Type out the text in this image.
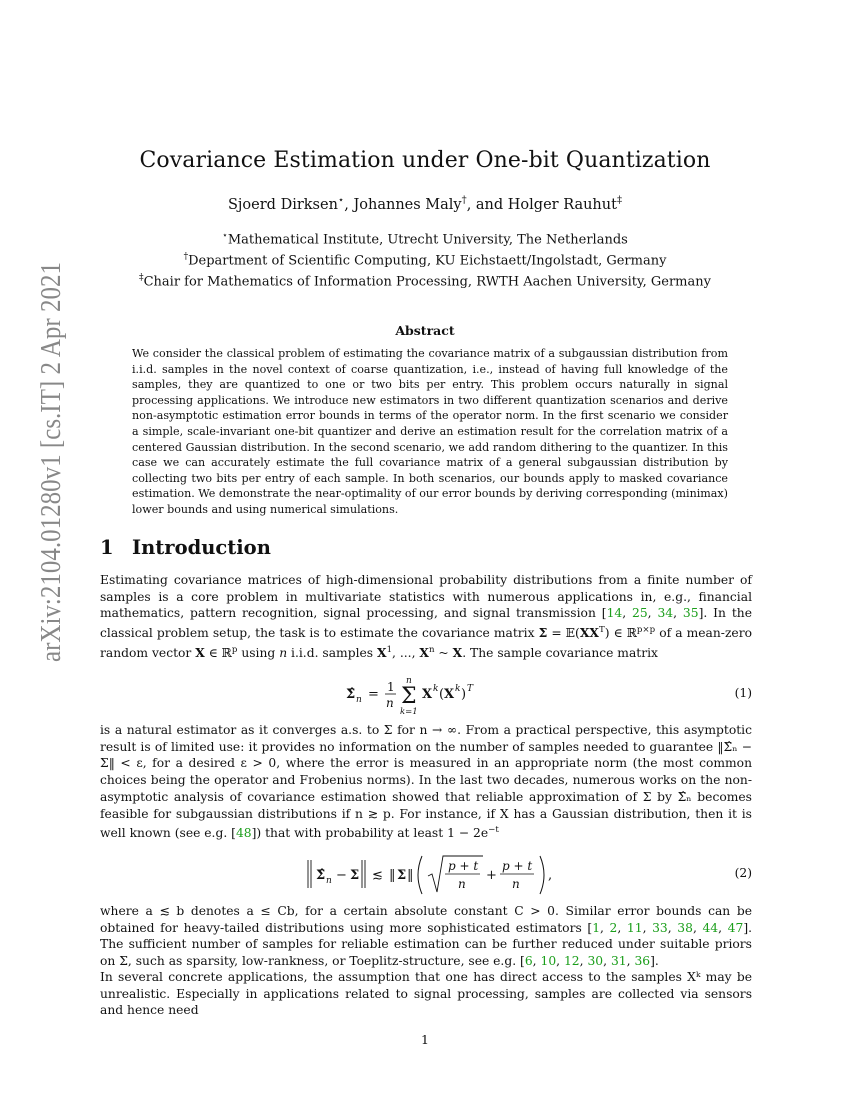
arXiv:2104.01280v1 [cs.IT] 2 Apr 2021
Covariance Estimation under One-bit Quantization
Sjoerd Dirksen⋆, Johannes Maly†, and Holger Rauhut‡
⋆Mathematical Institute, Utrecht University, The Netherlands
†Department of Scientific Computing, KU Eichstaett/Ingolstadt, Germany
‡Chair for Mathematics of Information Processing, RWTH Aachen University, Germany
Abstract
We consider the classical problem of estimating the covariance matrix of a subgaussian distribution from i.i.d. samples in the novel context of coarse quantization, i.e., instead of having full knowledge of the samples, they are quantized to one or two bits per entry. This problem occurs naturally in signal processing applications. We introduce new estimators in two different quantization scenarios and derive non-asymptotic estimation error bounds in terms of the operator norm. In the first scenario we consider a simple, scale-invariant one-bit quantizer and derive an estimation result for the correlation matrix of a centered Gaussian distribution. In the second scenario, we add random dithering to the quantizer. In this case we can accurately estimate the full covariance matrix of a general subgaussian distribution by collecting two bits per entry of each sample. In both scenarios, our bounds apply to masked covariance estimation. We demonstrate the near-optimality of our error bounds by deriving corresponding (minimax) lower bounds and using numerical simulations.
1 Introduction
Estimating covariance matrices of high-dimensional probability distributions from a finite number of samples is a core problem in multivariate statistics with numerous applications in, e.g., financial mathematics, pattern recognition, signal processing, and signal transmission [14, 25, 34, 35]. In the classical problem setup, the task is to estimate the covariance matrix $\Sigma = 𝔼(XX^T)$ ∈ ℝ$^{p\times p}$ of a mean-zero random vector X ∈ ℝ$^p$ using n i.i.d. samples $X^1$, ..., $X^n$ ~ X. The sample covariance matrix
Σ̂ n = 1
n Σ
n
k=1
X k ( X k ) T	(1)
is a natural estimator as it converges a.s. to Σ for n → ∞. From a practical perspective, this asymptotic result is of limited use: it provides no information on the number of samples needed to guarantee ‖Σ̂ₙ − Σ‖ < ε, for a desired ε > 0, where the error is measured in an appropriate norm (the most common choices being the operator and Frobenius norms). In the last two decades, numerous works on the non-asymptotic analysis of covariance estimation showed that reliable approximation of Σ by Σ̂ₙ becomes feasible for subgaussian distributions if n ≳ p. For instance, if X has a Gaussian distribution, then it is well known (see e.g. [48]) that with probability at least $1 - 2e^{-t}$
Σ̂ n − Σ ≲ ‖ Σ ‖
p + t
n
+
p + t
n
,	(2)
where a ≲ b denotes a ≤ Cb, for a certain absolute constant C > 0. Similar error bounds can be obtained for heavy-tailed distributions using more sophisticated estimators [1, 2, 11, 33, 38, 44, 47]. The sufficient number of samples for reliable estimation can be further reduced under suitable priors on Σ, such as sparsity, low-rankness, or Toeplitz-structure, see e.g. [6, 10, 12, 30, 31, 36].
In several concrete applications, the assumption that one has direct access to the samples Xᵏ may be unrealistic. Especially in applications related to signal processing, samples are collected via sensors and hence need
1
